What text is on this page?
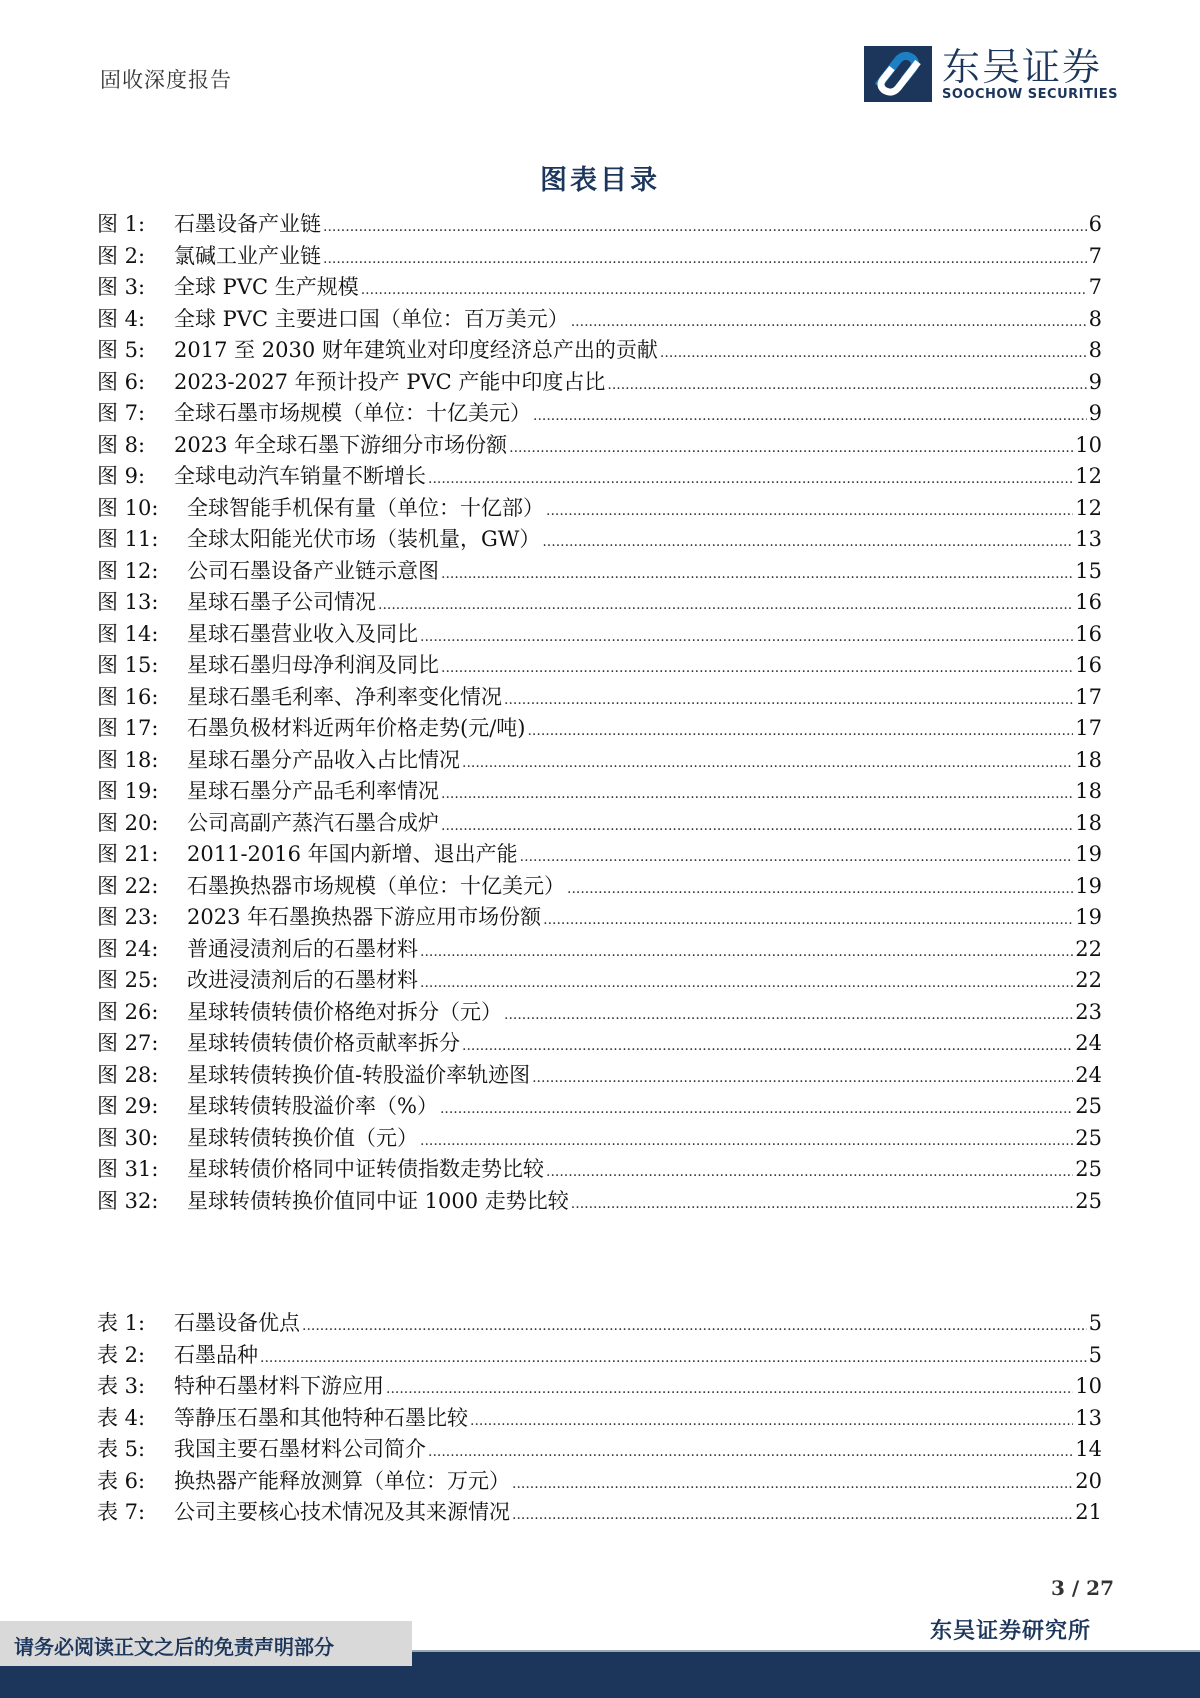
固收深度报告	东吴证券
SOOCHOW SECURITIES
图表目录
图 1:	石墨设备产业链 .....	6
图 2:	氯碱工业产业链 .....	7
图 3:	全球 PVC 生产规模 .....	7
图 4:	全球 PVC 主要进口国（单位：百万美元） .....	8
图 5:	2017 至 2030 财年建筑业对印度经济总产出的贡献 .....	8
图 6:	2023-2027 年预计投产 PVC 产能中印度占比 .....	9
图 7:	全球石墨市场规模（单位：十亿美元） .....	9
图 8:	2023 年全球石墨下游细分市场份额 .....	10
图 9:	全球电动汽车销量不断增长 .....	12
图 10:	全球智能手机保有量（单位：十亿部） .....	12
图 11:	全球太阳能光伏市场（装机量，GW） .....	13
图 12:	公司石墨设备产业链示意图 .....	15
图 13:	星球石墨子公司情况 .....	16
图 14:	星球石墨营业收入及同比 .....	16
图 15:	星球石墨归母净利润及同比 .....	16
图 16:	星球石墨毛利率、净利率变化情况 .....	17
图 17:	石墨负极材料近两年价格走势(元/吨) .....	17
图 18:	星球石墨分产品收入占比情况 .....	18
图 19:	星球石墨分产品毛利率情况 .....	18
图 20:	公司高副产蒸汽石墨合成炉 .....	18
图 21:	2011-2016 年国内新增、退出产能 .....	19
图 22:	石墨换热器市场规模（单位：十亿美元） .....	19
图 23:	2023 年石墨换热器下游应用市场份额 .....	19
图 24:	普通浸渍剂后的石墨材料 .....	22
图 25:	改进浸渍剂后的石墨材料 .....	22
图 26:	星球转债转债价格绝对拆分（元） .....	23
图 27:	星球转债转债价格贡献率拆分 .....	24
图 28:	星球转债转换价值-转股溢价率轨迹图 .....	24
图 29:	星球转债转股溢价率（%） .....	25
图 30:	星球转债转换价值（元） .....	25
图 31:	星球转债价格同中证转债指数走势比较 .....	25
图 32:	星球转债转换价值同中证 1000 走势比较 .....	25
表 1:	石墨设备优点 .....	5
表 2:	石墨品种 .....	5
表 3:	特种石墨材料下游应用 .....	10
表 4:	等静压石墨和其他特种石墨比较 .....	13
表 5:	我国主要石墨材料公司简介 .....	14
表 6:	换热器产能释放测算（单位：万元） .....	20
表 7:	公司主要核心技术情况及其来源情况 .....	21
3 / 27
东吴证券研究所
请务必阅读正文之后的免责声明部分
